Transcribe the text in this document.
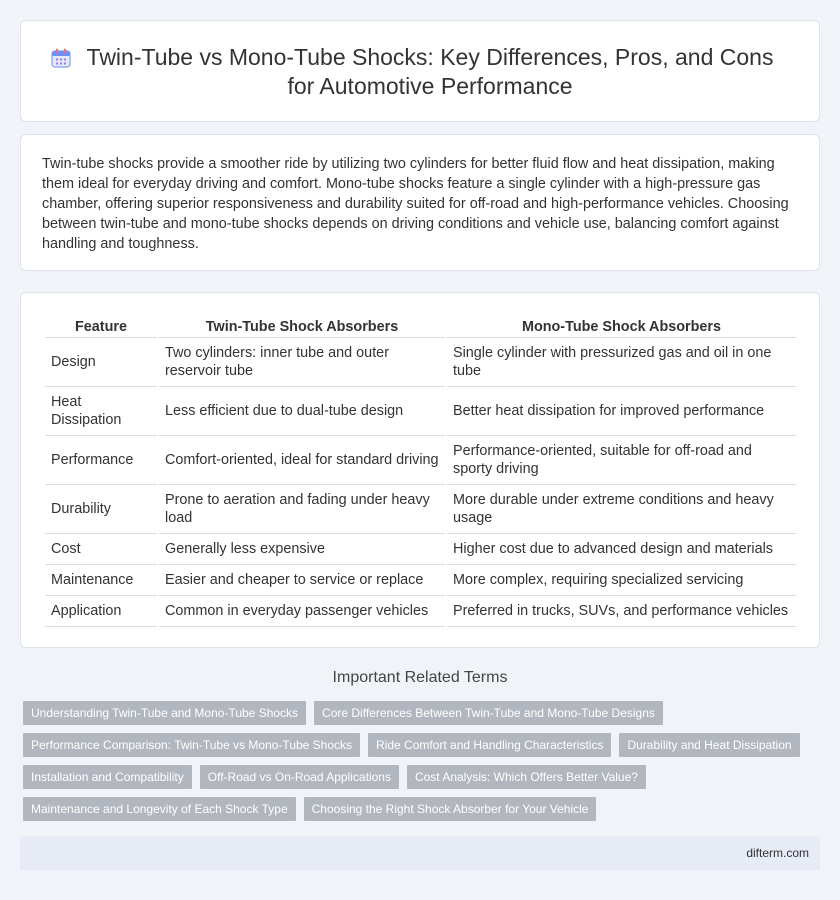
Twin-Tube vs Mono-Tube Shocks: Key Differences, Pros, and Cons for Automotive Performance

Twin-tube shocks provide a smoother ride by utilizing two cylinders for better fluid flow and heat dissipation, making them ideal for everyday driving and comfort. Mono-tube shocks feature a single cylinder with a high-pressure gas chamber, offering superior responsiveness and durability suited for off-road and high-performance vehicles. Choosing between twin-tube and mono-tube shocks depends on driving conditions and vehicle use, balancing comfort against handling and toughness.

Feature	Twin-Tube Shock Absorbers	Mono-Tube Shock Absorbers
Design	Two cylinders: inner tube and outer reservoir tube	Single cylinder with pressurized gas and oil in one tube
Heat Dissipation	Less efficient due to dual-tube design	Better heat dissipation for improved performance
Performance	Comfort-oriented, ideal for standard driving	Performance-oriented, suitable for off-road and sporty driving
Durability	Prone to aeration and fading under heavy load	More durable under extreme conditions and heavy usage
Cost	Generally less expensive	Higher cost due to advanced design and materials
Maintenance	Easier and cheaper to service or replace	More complex, requiring specialized servicing
Application	Common in everyday passenger vehicles	Preferred in trucks, SUVs, and performance vehicles
Important Related Terms
Understanding Twin-Tube and Mono-Tube Shocks	Core Differences Between Twin-Tube and Mono-Tube Designs
Performance Comparison: Twin-Tube vs Mono-Tube Shocks	Ride Comfort and Handling Characteristics	Durability and Heat Dissipation
Installation and Compatibility	Off-Road vs On-Road Applications	Cost Analysis: Which Offers Better Value?
Maintenance and Longevity of Each Shock Type	Choosing the Right Shock Absorber for Your Vehicle
difterm.com
